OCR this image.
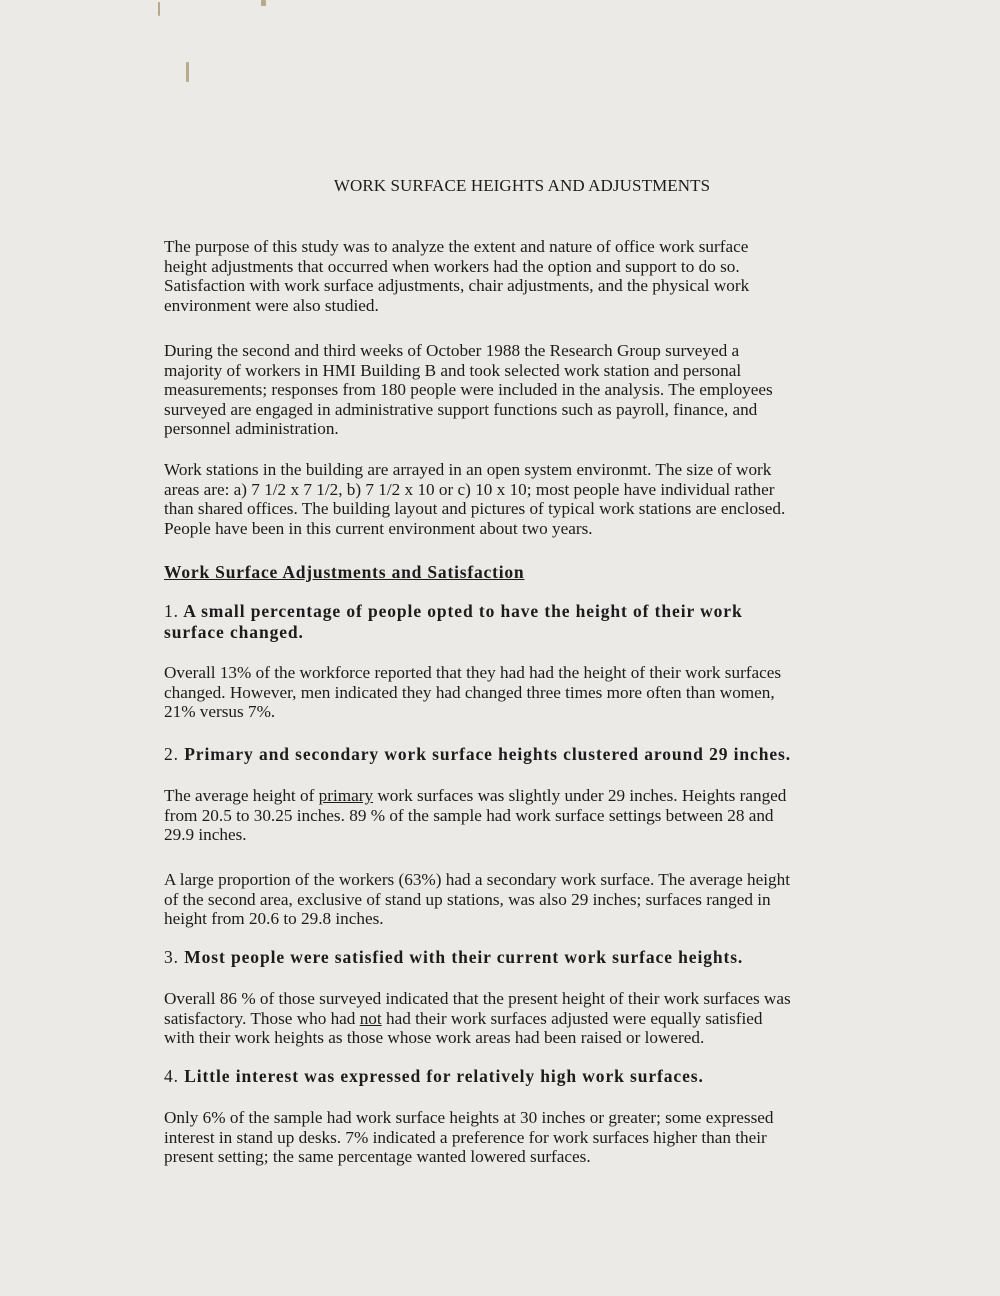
WORK SURFACE HEIGHTS AND ADJUSTMENTS
The purpose of this study was to analyze the extent and nature of office work surface
height adjustments that occurred when workers had the option and support to do so.
Satisfaction with work surface adjustments, chair adjustments, and the physical work
environment were also studied.
During the second and third weeks of October 1988 the Research Group surveyed a
majority of workers in HMI Building B and took selected work station and personal
measurements; responses from 180 people were included in the analysis. The employees
surveyed are engaged in administrative support functions such as payroll, finance, and
personnel administration.
Work stations in the building are arrayed in an open system environmt. The size of work
areas are: a) 7 1/2 x 7 1/2, b) 7 1/2 x 10 or c) 10 x 10; most people have individual rather
than shared offices. The building layout and pictures of typical work stations are enclosed.
People have been in this current environment about two years.
Work Surface Adjustments and Satisfaction
1. A small percentage of people opted to have the height of their work
surface changed.
Overall 13% of the workforce reported that they had had the height of their work surfaces
changed. However, men indicated they had changed three times more often than women,
21% versus 7%.
2. Primary and secondary work surface heights clustered around 29 inches.
The average height of primary work surfaces was slightly under 29 inches. Heights ranged
from 20.5 to 30.25 inches. 89 % of the sample had work surface settings between 28 and
29.9 inches.
A large proportion of the workers (63%) had a secondary work surface. The average height
of the second area, exclusive of stand up stations, was also 29 inches; surfaces ranged in
height from 20.6 to 29.8 inches.
3. Most people were satisfied with their current work surface heights.
Overall 86 % of those surveyed indicated that the present height of their work surfaces was
satisfactory. Those who had not had their work surfaces adjusted were equally satisfied
with their work heights as those whose work areas had been raised or lowered.
4. Little interest was expressed for relatively high work surfaces.
Only 6% of the sample had work surface heights at 30 inches or greater; some expressed
interest in stand up desks. 7% indicated a preference for work surfaces higher than their
present setting; the same percentage wanted lowered surfaces.
